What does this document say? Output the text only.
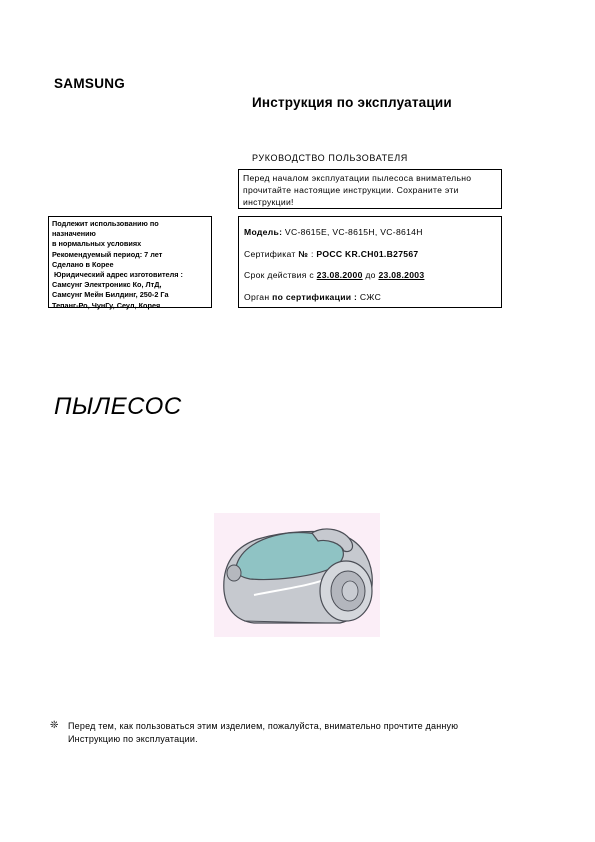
SAMSUNG
Инструкция по эксплуатации
РУКОВОДСТВО ПОЛЬЗОВАТЕЛЯ
Перед началом эксплуатации пылесоса внимательно
прочитайте настоящие инструкции. Сохраните эти
инструкции!
Подлежит использованию по
назначению
в нормальных условиях
Рекомендуемый период: 7 лет
Сделано в Корее
Юридический адрес изготовителя :
Самсунг Электроникс Ко, ЛтД,
Самсунг Мейн Билдинг, 250-2 Га
Тепанг-Ро, ЧунГу, Сеул, Корея
Модель: VC-8615E, VC-8615H, VC-8614H
Сертификат № : POCC KR.CH01.B27567
Срок действия с 23.08.2000 до 23.08.2003
Орган по сертификации : СЖС
ПЫЛЕСОС
❊ Перед тем, как пользоваться этим изделием, пожалуйста, внимательно прочтите данную
Инструкцию по эксплуатации.
